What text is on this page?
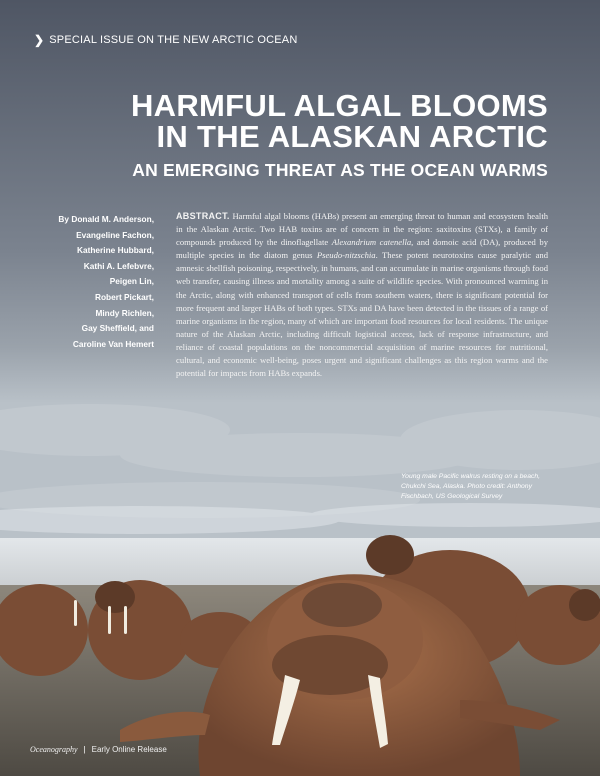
❯ SPECIAL ISSUE ON THE NEW ARCTIC OCEAN
HARMFUL ALGAL BLOOMS
IN THE ALASKAN ARCTIC
AN EMERGING THREAT AS THE OCEAN WARMS
By Donald M. Anderson,
Evangeline Fachon,
Katherine Hubbard,
Kathi A. Lefebvre,
Peigen Lin,
Robert Pickart,
Mindy Richlen,
Gay Sheffield, and
Caroline Van Hemert

ABSTRACT. Harmful algal blooms (HABs) present an emerging threat to human and ecosystem health in the Alaskan Arctic. Two HAB toxins are of concern in the region: saxitoxins (STXs), a family of compounds produced by the dinoflagellate Alexandrium catenella, and domoic acid (DA), produced by multiple species in the diatom genus Pseudo-nitzschia. These potent neurotoxins cause paralytic and amnesic shellfish poisoning, respectively, in humans, and can accumulate in marine organisms through food web transfer, causing illness and mortality among a suite of wildlife species. With pronounced warming in the Arctic, along with enhanced transport of cells from southern waters, there is significant potential for more frequent and larger HABs of both types. STXs and DA have been detected in the tissues of a range of marine organisms in the region, many of which are important food resources for local residents. The unique nature of the Alaskan Arctic, including difficult logistical access, lack of response infrastructure, and reliance of coastal populations on the noncommercial acquisition of marine resources for nutritional, cultural, and economic well-being, poses urgent and significant challenges as this region warms and the potential for impacts from HABs expands.

Young male Pacific walrus resting on a beach, Chukchi Sea, Alaska. Photo credit: Anthony Fischbach, US Geological Survey

Oceanography | Early Online Release
